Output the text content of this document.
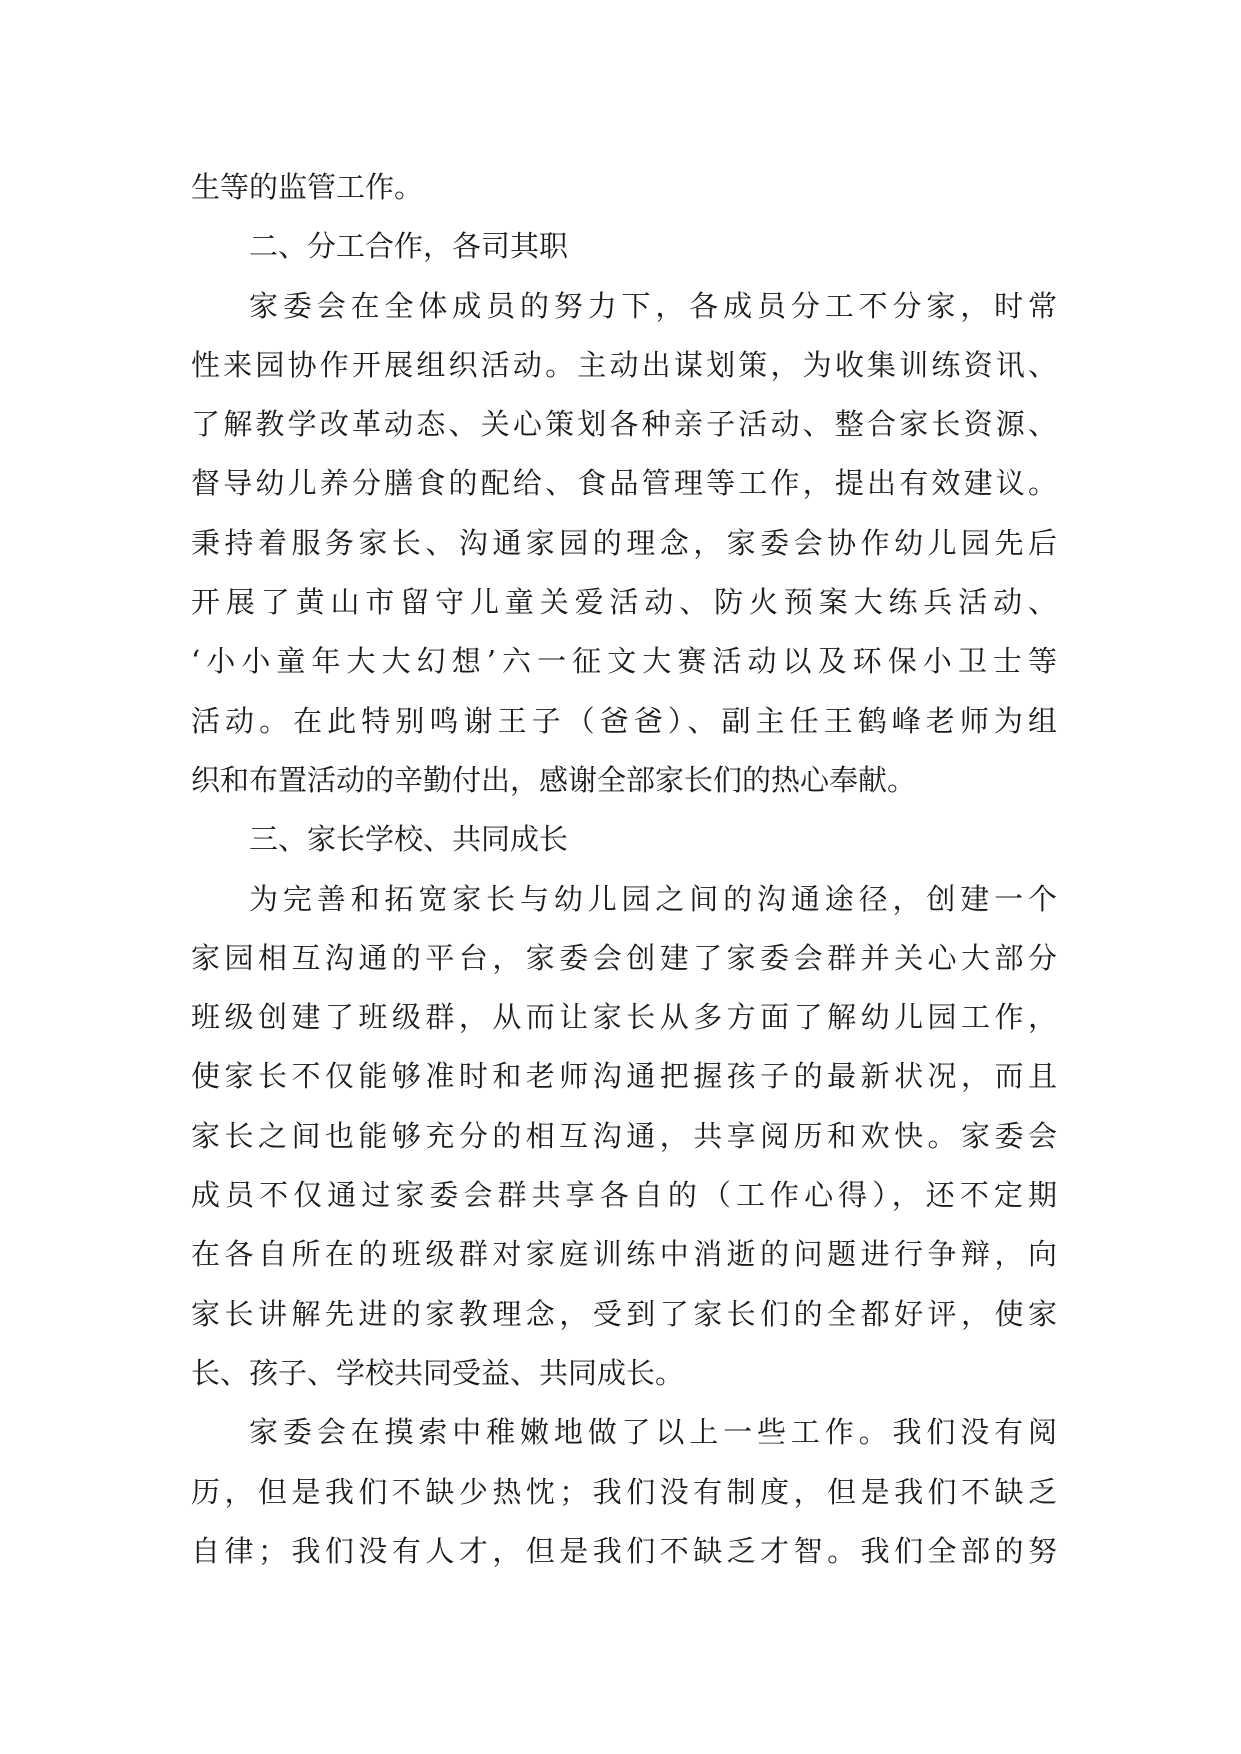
生等的监管工作。
二、分工合作，各司其职
家委会在全体成员的努力下，各成员分工不分家，时常
性来园协作开展组织活动。主动出谋划策，为收集训练资讯、
了解教学改革动态、关心策划各种亲子活动、整合家长资源、
督导幼儿养分膳食的配给、食品管理等工作，提出有效建议。
秉持着服务家长、沟通家园的理念，家委会协作幼儿园先后
开展了黄山市留守儿童关爱活动、防火预案大练兵活动、
‘小小童年大大幻想’六一征文大赛活动以及环保小卫士等
活动。在此特别鸣谢王子（爸爸）、副主任王鹤峰老师为组
织和布置活动的辛勤付出，感谢全部家长们的热心奉献。
三、家长学校、共同成长
为完善和拓宽家长与幼儿园之间的沟通途径，创建一个
家园相互沟通的平台，家委会创建了家委会群并关心大部分
班级创建了班级群，从而让家长从多方面了解幼儿园工作，
使家长不仅能够准时和老师沟通把握孩子的最新状况，而且
家长之间也能够充分的相互沟通，共享阅历和欢快。家委会
成员不仅通过家委会群共享各自的（工作心得），还不定期
在各自所在的班级群对家庭训练中消逝的问题进行争辩，向
家长讲解先进的家教理念，受到了家长们的全都好评，使家
长、孩子、学校共同受益、共同成长。
家委会在摸索中稚嫩地做了以上一些工作。我们没有阅
历，但是我们不缺少热忱；我们没有制度，但是我们不缺乏
自律；我们没有人才，但是我们不缺乏才智。我们全部的努
